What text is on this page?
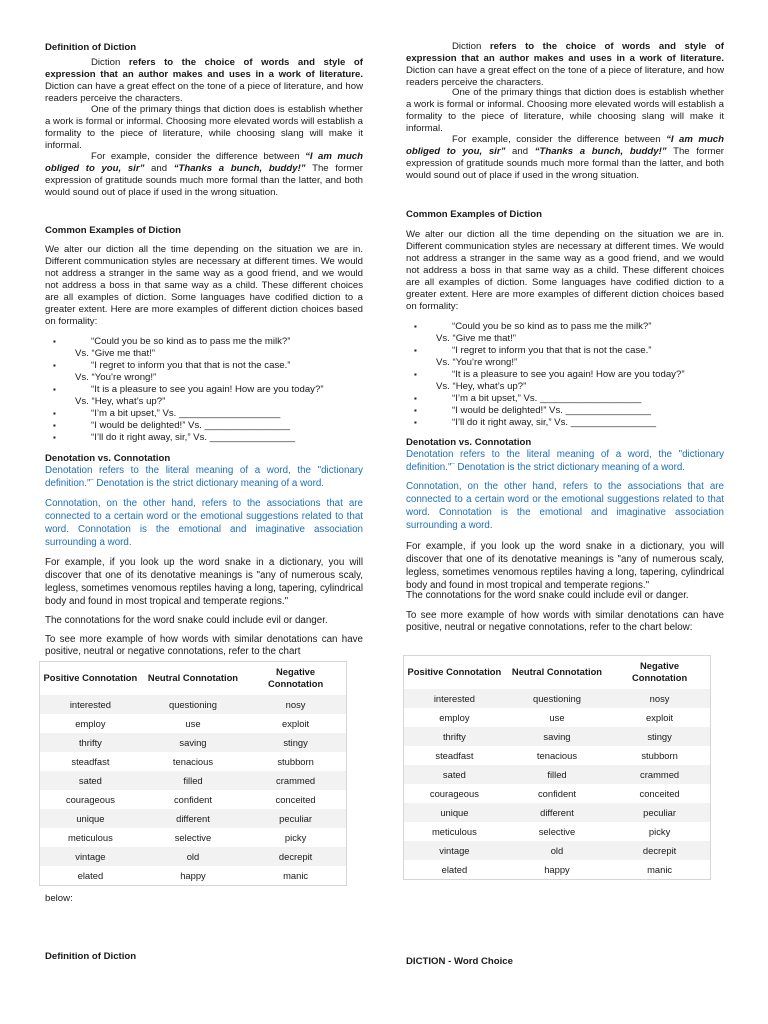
Definition of Diction

Diction refers to the choice of words and style of expression that an author makes and uses in a work of literature. Diction can have a great effect on the tone of a piece of literature, and how readers perceive the characters.

One of the primary things that diction does is establish whether a work is formal or informal. Choosing more elevated words will establish a formality to the piece of literature, while choosing slang will make it informal.

For example, consider the difference between “I am much obliged to you, sir” and “Thanks a bunch, buddy!” The former expression of gratitude sounds much more formal than the latter, and both would sound out of place if used in the wrong situation.

Common Examples of Diction

We alter our diction all the time depending on the situation we are in. Different communication styles are necessary at different times. We would not address a stranger in the same way as a good friend, and we would not address a boss in that same way as a child. These different choices are all examples of diction. Some languages have codified diction to a greater extent. Here are more examples of different diction choices based on formality:

▪	“Could you be so kind as to pass me the milk?”
Vs. “Give me that!”
▪	“I regret to inform you that that is not the case.”
Vs. “You’re wrong!”
▪	“It is a pleasure to see you again! How are you today?”
Vs. “Hey, what’s up?”
▪	“I’m a bit upset,” Vs. ___________________
▪	“I would be delighted!” Vs. ________________
▪	“I’ll do it right away, sir,” Vs. ________________

Denotation vs. Connotation

Denotation refers to the literal meaning of a word, the "dictionary definition."¨ Denotation is the strict dictionary meaning of a word.

Connotation, on the other hand, refers to the associations that are connected to a certain word or the emotional suggestions related to that word. Connotation is the emotional and imaginative association surrounding a word.

For example, if you look up the word snake in a dictionary, you will discover that one of its denotative meanings is "any of numerous scaly, legless, sometimes venomous reptiles having a long, tapering, cylindrical body and found in most tropical and temperate regions."

The connotations for the word snake could include evil or danger.

To see more example of how words with similar denotations can have positive, neutral or negative connotations, refer to the chart

Positive Connotation	Neutral Connotation	Negative Connotation
interested	questioning	nosy
employ	use	exploit
thrifty	saving	stingy
steadfast	tenacious	stubborn
sated	filled	crammed
courageous	confident	conceited
unique	different	peculiar
meticulous	selective	picky
vintage	old	decrepit
elated	happy	manic

below:

Definition of Diction

Diction refers to the choice of words and style of expression that an author makes and uses in a work of literature. Diction can have a great effect on the tone of a piece of literature, and how readers perceive the characters.

One of the primary things that diction does is establish whether a work is formal or informal. Choosing more elevated words will establish a formality to the piece of literature, while choosing slang will make it informal.

For example, consider the difference between “I am much obliged to you, sir” and “Thanks a bunch, buddy!” The former expression of gratitude sounds much more formal than the latter, and both would sound out of place if used in the wrong situation.

Common Examples of Diction

We alter our diction all the time depending on the situation we are in. Different communication styles are necessary at different times. We would not address a stranger in the same way as a good friend, and we would not address a boss in that same way as a child. These different choices are all examples of diction. Some languages have codified diction to a greater extent. Here are more examples of different diction choices based on formality:

▪	“Could you be so kind as to pass me the milk?”
Vs. “Give me that!”
▪	“I regret to inform you that that is not the case.”
Vs. “You’re wrong!”
▪	“It is a pleasure to see you again! How are you today?”
Vs. “Hey, what’s up?”
▪	“I’m a bit upset,” Vs. ___________________
▪	“I would be delighted!” Vs. ________________
▪	“I’ll do it right away, sir,” Vs. ________________

Denotation vs. Connotation

Denotation refers to the literal meaning of a word, the "dictionary definition."¨ Denotation is the strict dictionary meaning of a word.

Connotation, on the other hand, refers to the associations that are connected to a certain word or the emotional suggestions related to that word. Connotation is the emotional and imaginative association surrounding a word.

For example, if you look up the word snake in a dictionary, you will discover that one of its denotative meanings is "any of numerous scaly, legless, sometimes venomous reptiles having a long, tapering, cylindrical body and found in most tropical and temperate regions."

The connotations for the word snake could include evil or danger.

To see more example of how words with similar denotations can have positive, neutral or negative connotations, refer to the chart below:

Positive Connotation	Neutral Connotation	Negative Connotation
interested	questioning	nosy
employ	use	exploit
thrifty	saving	stingy
steadfast	tenacious	stubborn
sated	filled	crammed
courageous	confident	conceited
unique	different	peculiar
meticulous	selective	picky
vintage	old	decrepit
elated	happy	manic

DICTION - Word Choice
